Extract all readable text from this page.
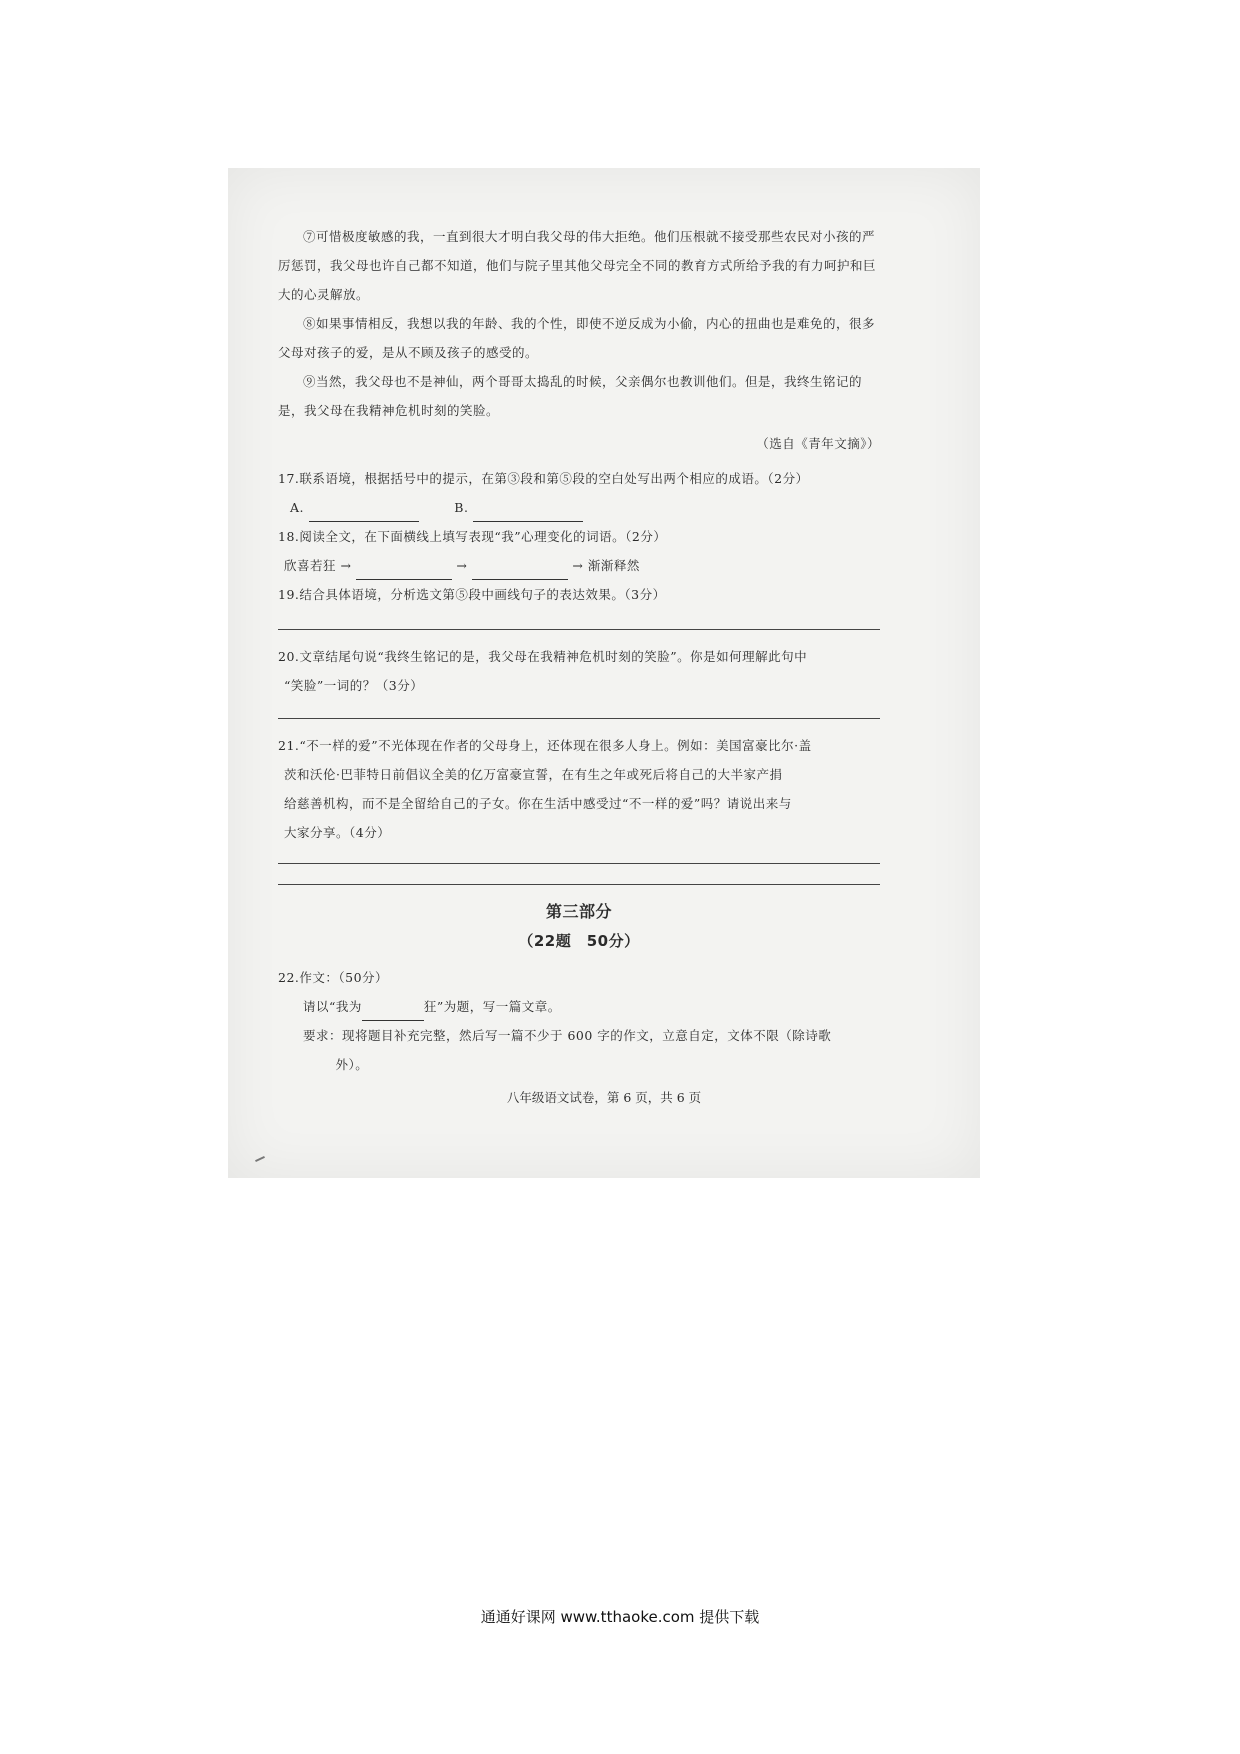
⑦可惜极度敏感的我，一直到很大才明白我父母的伟大拒绝。他们压根就不接受那些农民对小孩的严厉惩罚，我父母也许自己都不知道，他们与院子里其他父母完全不同的教育方式所给予我的有力呵护和巨大的心灵解放。

⑧如果事情相反，我想以我的年龄、我的个性，即使不逆反成为小偷，内心的扭曲也是难免的，很多父母对孩子的爱，是从不顾及孩子的感受的。

⑨当然，我父母也不是神仙，两个哥哥太捣乱的时候，父亲偶尔也教训他们。但是，我终生铭记的是，我父母在我精神危机时刻的笑脸。

（选自《青年文摘》）

17.联系语境，根据括号中的提示，在第③段和第⑤段的空白处写出两个相应的成语。（2分）

A.	B.

18.阅读全文，在下面横线上填写表现“我”心理变化的词语。（2分）

欣喜若狂 →	→	→ 渐渐释然

19.结合具体语境，分析选文第⑤段中画线句子的表达效果。（3分）

20.文章结尾句说“我终生铭记的是，我父母在我精神危机时刻的笑脸”。你是如何理解此句中

“笑脸”一词的？（3分）

21.“不一样的爱”不光体现在作者的父母身上，还体现在很多人身上。例如：美国富豪比尔·盖

茨和沃伦·巴菲特日前倡议全美的亿万富豪宣誓，在有生之年或死后将自己的大半家产捐

给慈善机构，而不是全留给自己的子女。你在生活中感受过“不一样的爱”吗？请说出来与

大家分享。（4分）

第三部分

（22题　50分）

22.作文：（50分）

请以“我为	狂”为题，写一篇文章。

要求：现将题目补充完整，然后写一篇不少于 600 字的作文，立意自定，文体不限（除诗歌

外）。

八年级语文试卷，第 6 页，共 6 页
通通好课网 www.tthaoke.com 提供下载
